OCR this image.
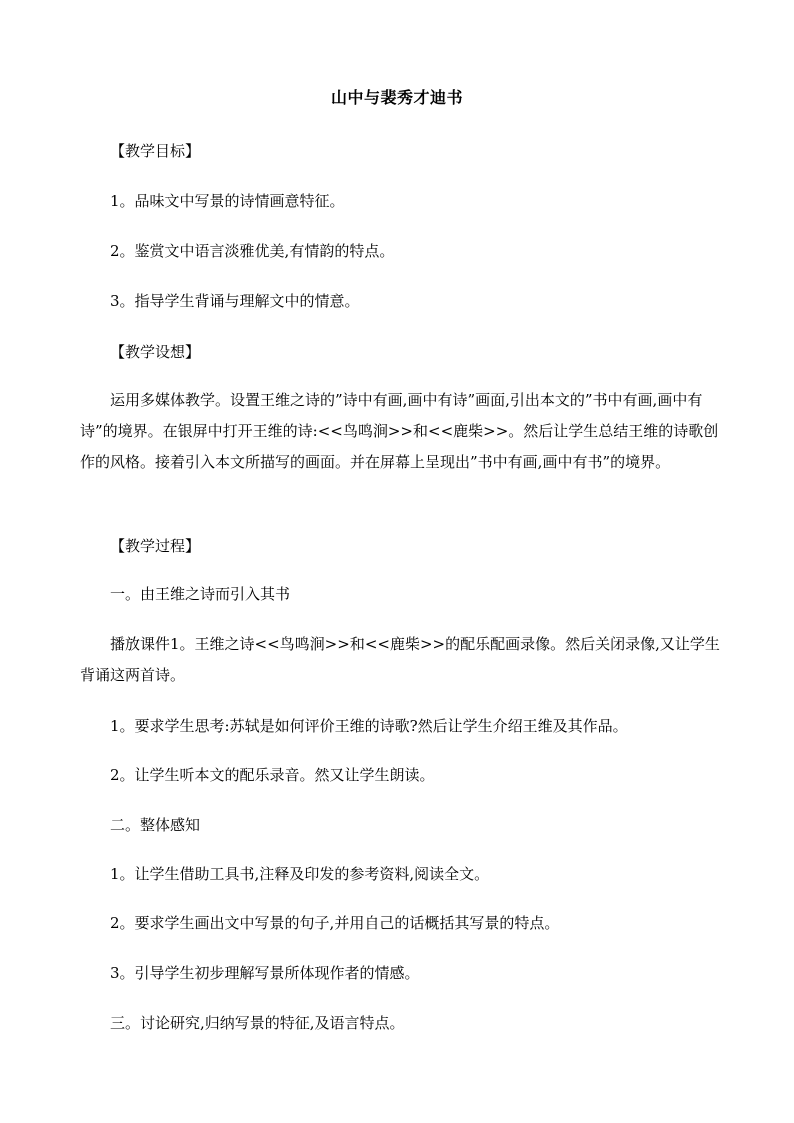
山中与裴秀才迪书
【教学目标】
1。品味文中写景的诗情画意特征。
2。鉴赏文中语言淡雅优美,有情韵的特点。
3。指导学生背诵与理解文中的情意。
【教学设想】

运用多媒体教学。设置王维之诗的”诗中有画,画中有诗”画面,引出本文的”书中有画,画中有诗”的境界。在银屏中打开王维的诗:<<鸟鸣涧>>和<<鹿柴>>。然后让学生总结王维的诗歌创作的风格。接着引入本文所描写的画面。并在屏幕上呈现出”书中有画,画中有书”的境界。

【教学过程】
一。由王维之诗而引入其书

播放课件1。王维之诗<<鸟鸣涧>>和<<鹿柴>>的配乐配画录像。然后关闭录像,又让学生背诵这两首诗。

1。要求学生思考:苏轼是如何评价王维的诗歌?然后让学生介绍王维及其作品。
2。让学生听本文的配乐录音。然又让学生朗读。
二。整体感知
1。让学生借助工具书,注释及印发的参考资料,阅读全文。
2。要求学生画出文中写景的句子,并用自己的话概括其写景的特点。
3。引导学生初步理解写景所体现作者的情感。
三。讨论研究,归纳写景的特征,及语言特点。
